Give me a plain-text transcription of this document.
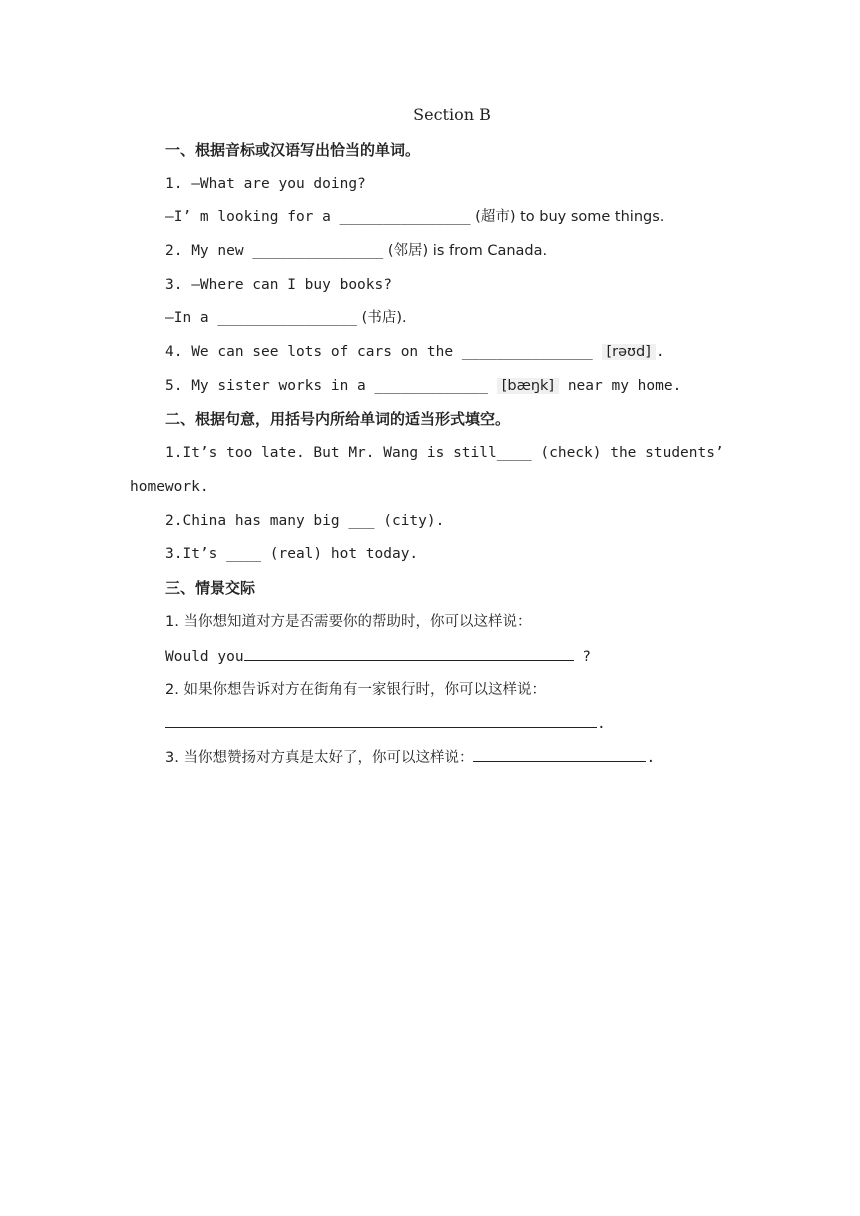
Section B
一、根据音标或汉语写出恰当的单词。
1. —What are you doing?
—I’ m looking for a _______________ (超市) to buy some things.
2. My new _______________ (邻居) is from Canada.
3. —Where can I buy books?
—In a ________________ (书店).
4. We can see lots of cars on the _______________ [rəʊd] .
5. My sister works in a _____________ [bæŋk] near my home.
二、根据句意，用括号内所给单词的适当形式填空。
1.It’s too late. But Mr. Wang is still____ (check) the students’
homework.
2.China has many big ___ (city).
3.It’s ____ (real) hot today.
三、情景交际
1. 当你想知道对方是否需要你的帮助时，你可以这样说：
Would you	?
2. 如果你想告诉对方在街角有一家银行时，你可以这样说：
.
3. 当你想赞扬对方真是太好了，你可以这样说：	.
